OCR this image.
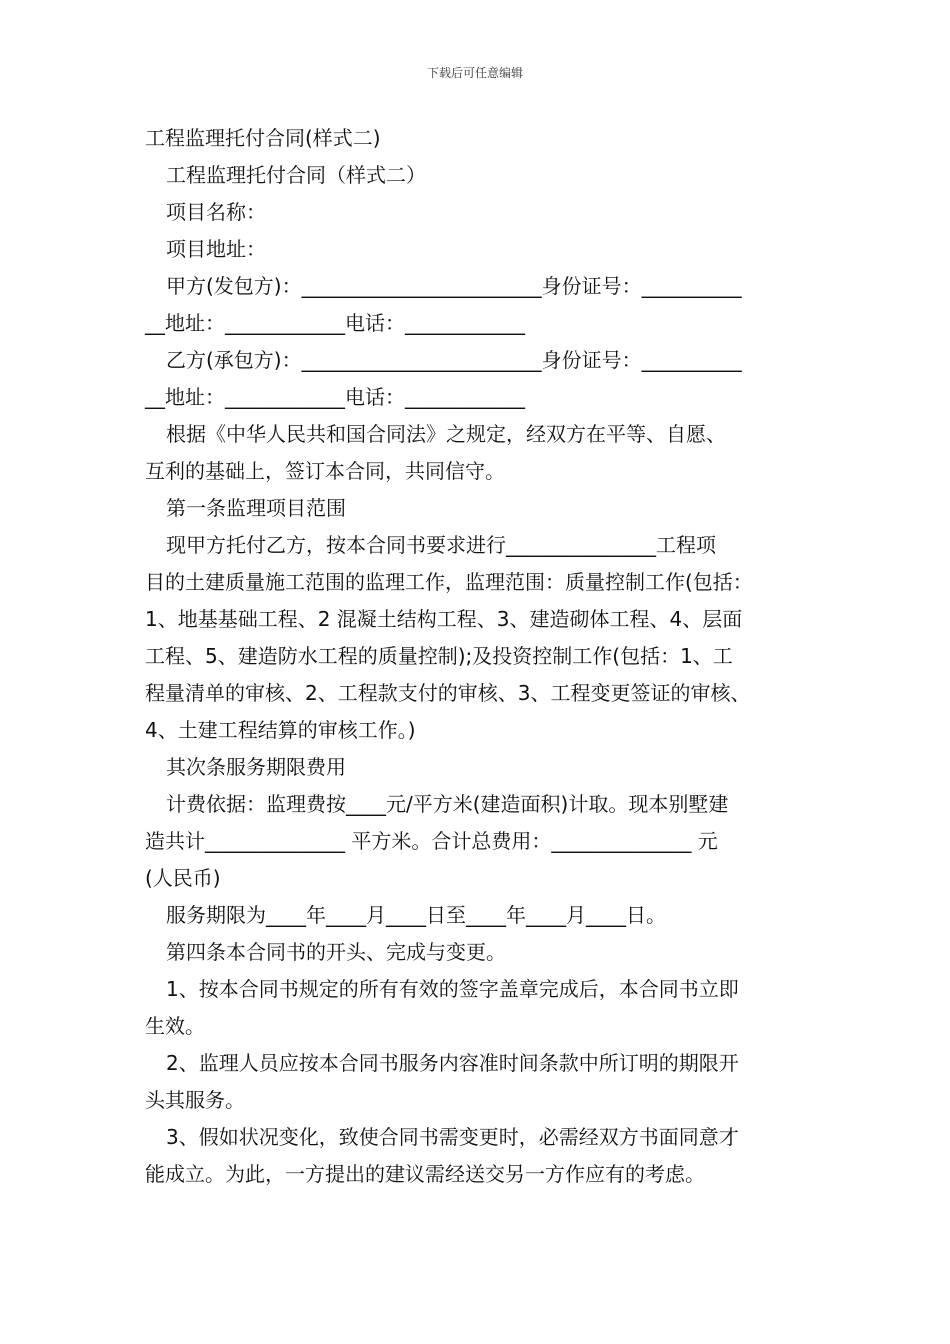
下载后可任意编辑
工程监理托付合同(样式二)
工程监理托付合同（样式二）
项目名称：
项目地址：
甲方(发包方)：________________________身份证号：__________
__地址：____________电话：____________
乙方(承包方)：________________________身份证号：__________
__地址：____________电话：____________
根据《中华人民共和国合同法》之规定，经双方在平等、自愿、
互利的基础上，签订本合同，共同信守。
第一条监理项目范围
现甲方托付乙方，按本合同书要求进行_______________工程项
目的土建质量施工范围的监理工作，监理范围：质量控制工作(包括：
1、地基基础工程、2 混凝土结构工程、3、建造砌体工程、4、层面
工程、5、建造防水工程的质量控制);及投资控制工作(包括：1、工
程量清单的审核、2、工程款支付的审核、3、工程变更签证的审核、
4、土建工程结算的审核工作。)
其次条服务期限费用
计费依据：监理费按____元/平方米(建造面积)计取。现本别墅建
造共计______________ 平方米。合计总费用：______________ 元
(人民币)
服务期限为____年____月____日至____年____月____日。
第四条本合同书的开头、完成与变更。
1、按本合同书规定的所有有效的签字盖章完成后，本合同书立即
生效。
2、监理人员应按本合同书服务内容准时间条款中所订明的期限开
头其服务。
3、假如状况变化，致使合同书需变更时，必需经双方书面同意才
能成立。为此，一方提出的建议需经送交另一方作应有的考虑。
